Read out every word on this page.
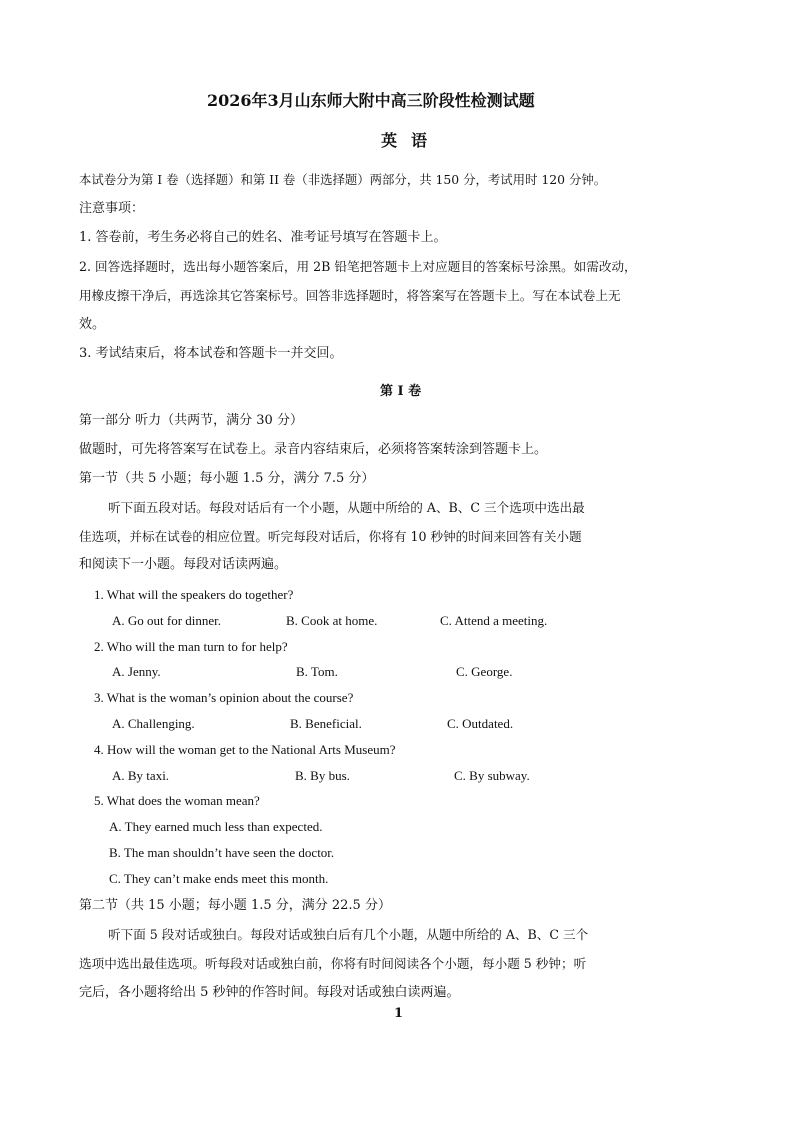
2026年3月山东师大附中高三阶段性检测试题
英语
本试卷分为第 I 卷（选择题）和第 II 卷（非选择题）两部分，共 150 分，考试用时 120 分钟。
注意事项：
1. 答卷前，考生务必将自己的姓名、准考证号填写在答题卡上。
2. 回答选择题时，选出每小题答案后，用 2B 铅笔把答题卡上对应题目的答案标号涂黑。如需改动，
用橡皮擦干净后，再选涂其它答案标号。回答非选择题时，将答案写在答题卡上。写在本试卷上无
效。
3. 考试结束后，将本试卷和答题卡一并交回。
第 I 卷
第一部分 听力（共两节，满分 30 分）
做题时，可先将答案写在试卷上。录音内容结束后，必须将答案转涂到答题卡上。
第一节（共 5 小题；每小题 1.5 分，满分 7.5 分）
听下面五段对话。每段对话后有一个小题，从题中所给的 A、B、C 三个选项中选出最
佳选项，并标在试卷的相应位置。听完每段对话后，你将有 10 秒钟的时间来回答有关小题
和阅读下一小题。每段对话读两遍。
1. What will the speakers do together?
A. Go out for dinner.	B. Cook at home.	C. Attend a meeting.
2. Who will the man turn to for help?
A. Jenny.	B. Tom.	C. George.
3. What is the woman’s opinion about the course?
A. Challenging.	B. Beneficial.	C. Outdated.
4. How will the woman get to the National Arts Museum?
A. By taxi.	B. By bus.	C. By subway.
5. What does the woman mean?
A. They earned much less than expected.
B. The man shouldn’t have seen the doctor.
C. They can’t make ends meet this month.
第二节（共 15 小题；每小题 1.5 分，满分 22.5 分）
听下面 5 段对话或独白。每段对话或独白后有几个小题，从题中所给的 A、B、C 三个
选项中选出最佳选项。听每段对话或独白前，你将有时间阅读各个小题，每小题 5 秒钟；听
完后，各小题将给出 5 秒钟的作答时间。每段对话或独白读两遍。
1
